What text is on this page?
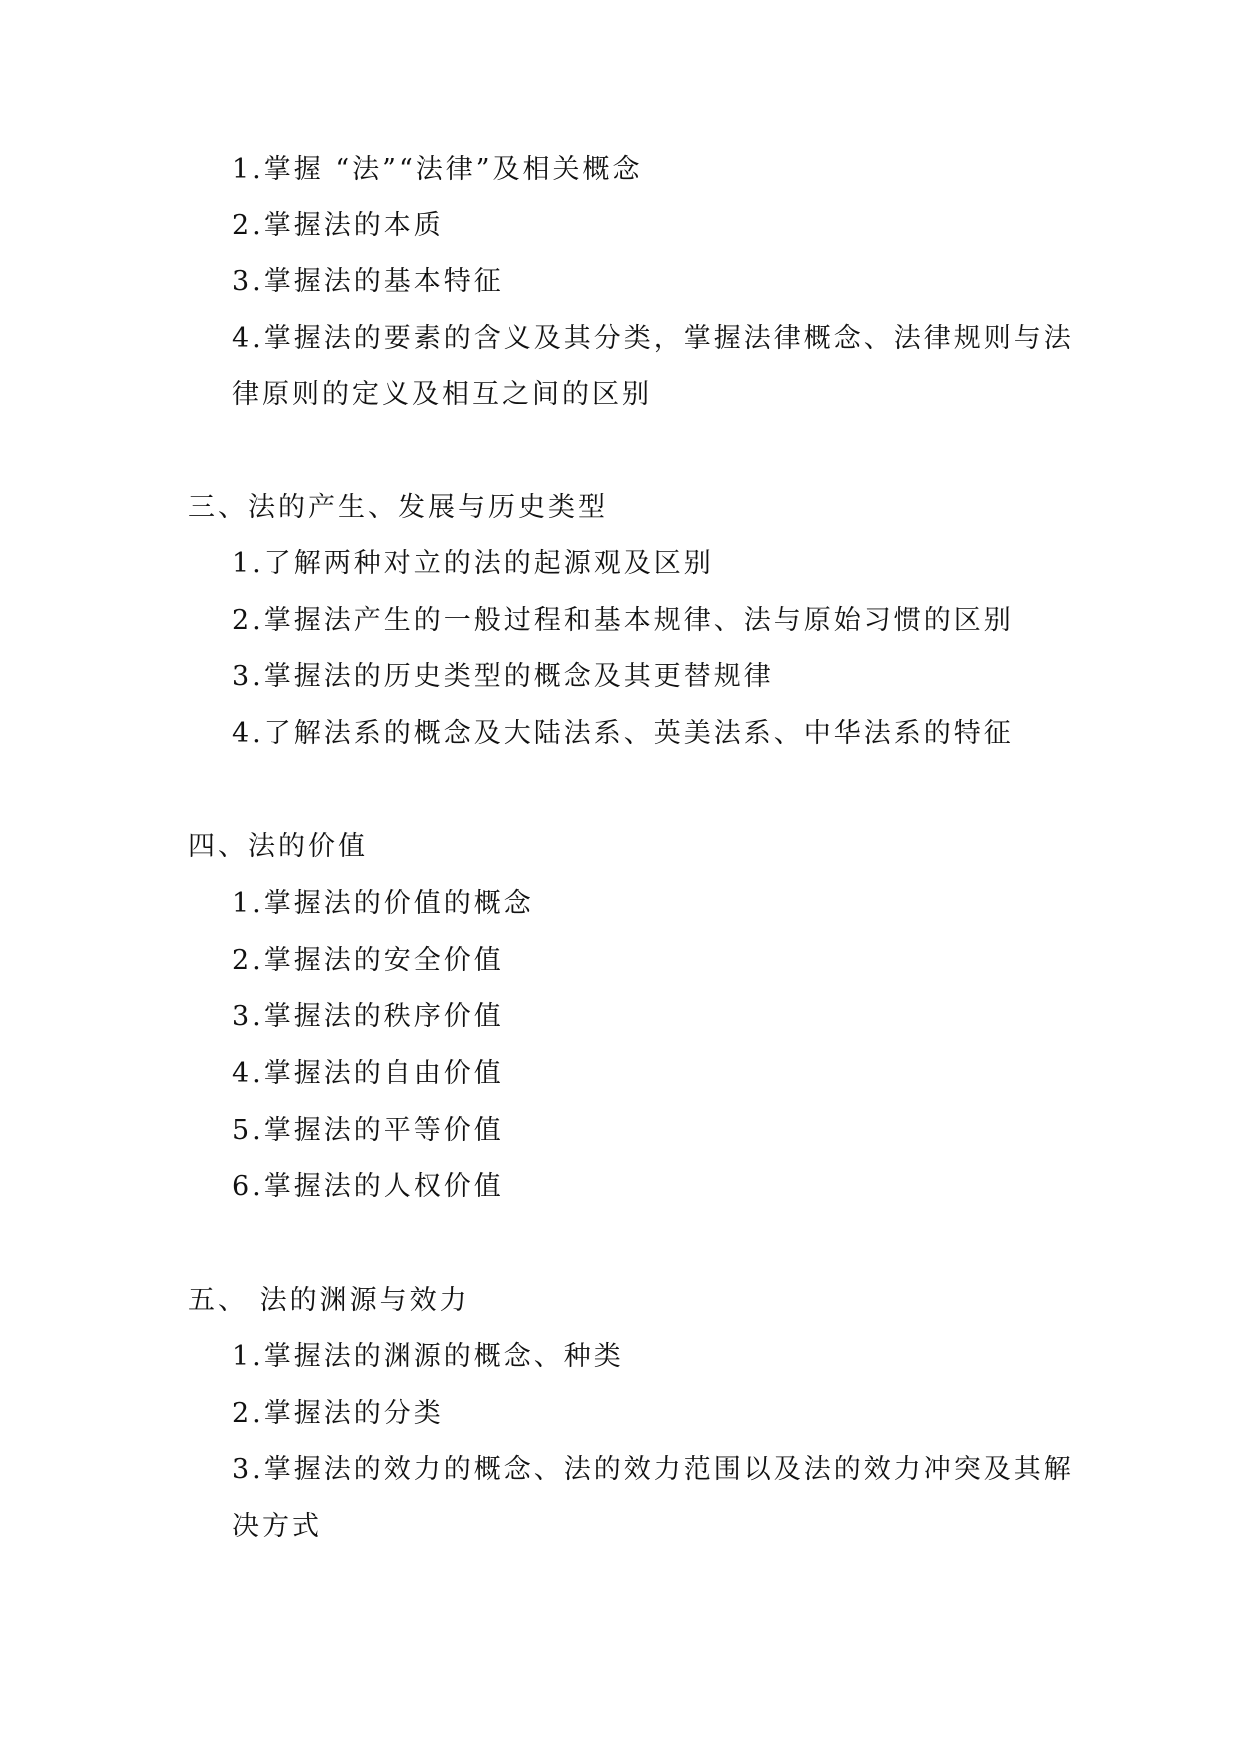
1.掌握 “法”“法律”及相关概念
2.掌握法的本质
3.掌握法的基本特征
4.掌握法的要素的含义及其分类，掌握法律概念、法律规则与法
律原则的定义及相互之间的区别
三、法的产生、发展与历史类型
1.了解两种对立的法的起源观及区别
2.掌握法产生的一般过程和基本规律、法与原始习惯的区别
3.掌握法的历史类型的概念及其更替规律
4.了解法系的概念及大陆法系、英美法系、中华法系的特征
四、法的价值
1.掌握法的价值的概念
2.掌握法的安全价值
3.掌握法的秩序价值
4.掌握法的自由价值
5.掌握法的平等价值
6.掌握法的人权价值
五、 法的渊源与效力
1.掌握法的渊源的概念、种类
2.掌握法的分类
3.掌握法的效力的概念、法的效力范围以及法的效力冲突及其解
决方式
